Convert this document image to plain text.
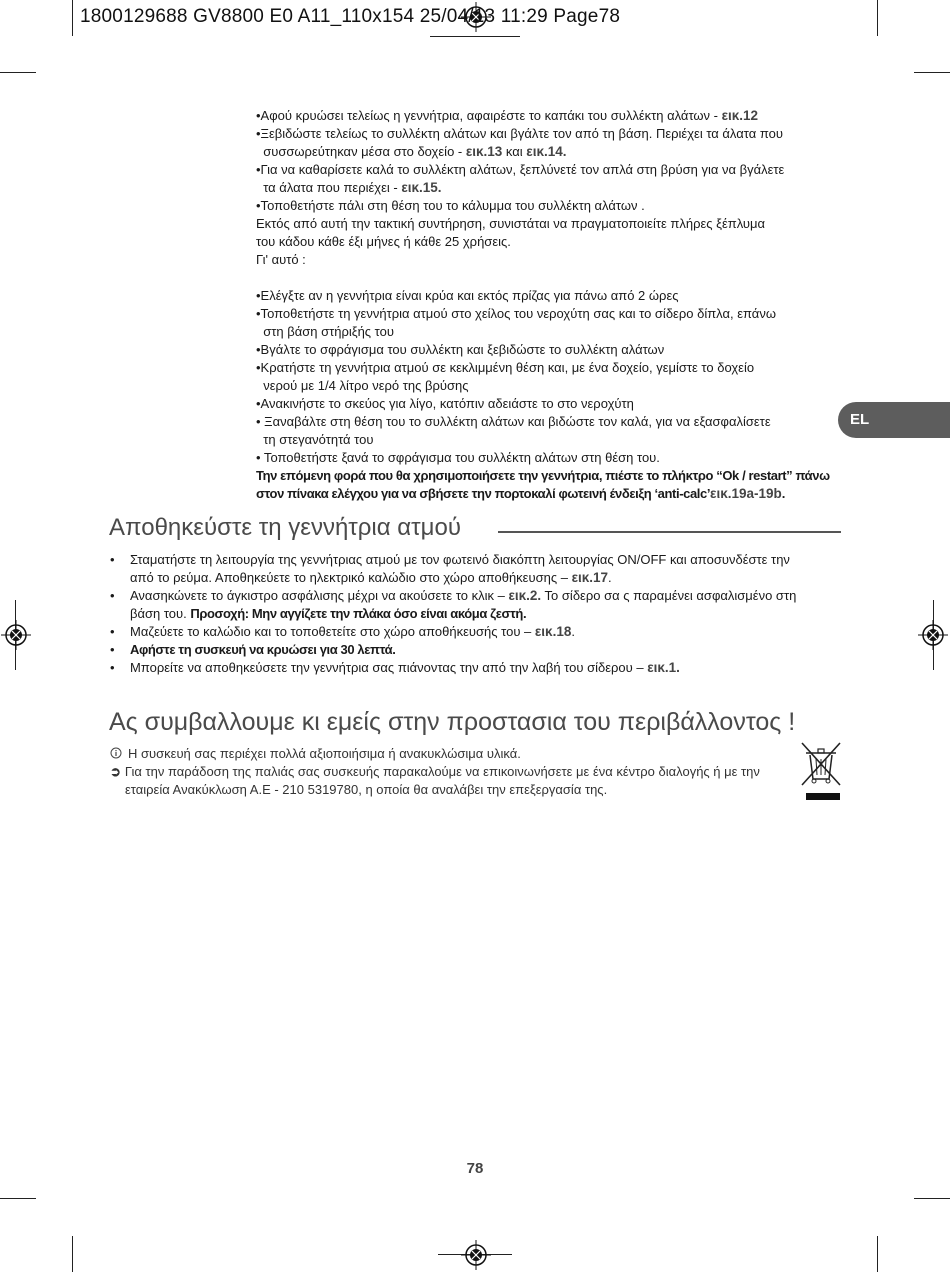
1800129688 GV8800 E0 A11_110x154 25/04/13 11:29 Page78

•Αφού κρυώσει τελείως η γεννήτρια, αφαιρέστε το καπάκι του συλλέκτη αλάτων - εικ.12

•Ξεβιδώστε τελείως το συλλέκτη αλάτων και βγάλτε τον από τη βάση. Περιέχει τα άλατα που

συσσωρεύτηκαν μέσα στο δοχείο - εικ.13 και εικ.14.

•Για να καθαρίσετε καλά το συλλέκτη αλάτων, ξεπλύνετέ τον απλά στη βρύση για να βγάλετε

τα άλατα που περιέχει - εικ.15.

•Τοποθετήστε πάλι στη θέση του το κάλυμμα του συλλέκτη αλάτων .

Εκτός από αυτή την τακτική συντήρηση, συνιστάται να πραγματοποιείτε πλήρες ξέπλυμα

του κάδου κάθε έξι μήνες ή κάθε 25 χρήσεις.

Γι' αυτό :

•Ελέγξτε αν η γεννήτρια είναι κρύα και εκτός πρίζας για πάνω από 2 ώρες

•Τοποθετήστε τη γεννήτρια ατμού στο χείλος του νεροχύτη σας και το σίδερο δίπλα, επάνω

στη βάση στήριξής του

•Βγάλτε το σφράγισμα του συλλέκτη και ξεβιδώστε το συλλέκτη αλάτων

•Κρατήστε τη γεννήτρια ατμού σε κεκλιμμένη θέση και, με ένα δοχείο, γεμίστε το δοχείο

νερού με 1/4 λίτρο νερό της βρύσης

•Ανακινήστε το σκεύος για λίγο, κατόπιν αδειάστε το στο νεροχύτη

• Ξαναβάλτε στη θέση του το συλλέκτη αλάτων και βιδώστε τον καλά, για να εξασφαλίσετε

τη στεγανότητά του

• Τοποθετήστε ξανά το σφράγισμα του συλλέκτη αλάτων στη θέση του.

Την επόμενη φορά που θα χρησιμοποιήσετε την γεννήτρια, πιέστε το πλήκτρο “Ok / restart” πάνω

στον πίνακα ελέγχου για να σβήσετε την πορτοκαλί φωτεινή ένδειξη ‘anti-calc’εικ.19a-19b.

EL
Αποθηκεύστε τη γεννήτρια ατμού
• Σταματήστε τη λειτουργία της γεννήτριας ατμού με τον φωτεινό διακόπτη λειτουργίας ON/OFF και αποσυνδέστε την
από το ρεύμα. Αποθηκεύετε το ηλεκτρικό καλώδιο στο χώρο αποθήκευσης – εικ.17.
• Ανασηκώνετε το άγκιστρο ασφάλισης μέχρι να ακούσετε το κλικ – εικ.2. Το σίδερο σα ς παραμένει ασφαλισμένο στη
βάση του. Προσοχή: Μην αγγίζετε την πλάκα όσο είναι ακόμα ζεστή.
• Μαζεύετε το καλώδιο και το τοποθετείτε στο χώρο αποθήκευσής του – εικ.18.
• Αφήστε τη συσκευή να κρυώσει για 30 λεπτά.
• Μπορείτε να αποθηκεύσετε την γεννήτρια σας πιάνοντας την από την λαβή του σίδερου – εικ.1.
Ας συμβαλλουμε κι εμείς στην προστασια του περιβάλλοντος !
Η συσκευή σας περιέχει πολλά αξιοποιήσιμα ή ανακυκλώσιμα υλικά.
➲ Για την παράδοση της παλιάς σας συσκευής παρακαλούμε να επικοινωνήσετε με ένα κέντρο διαλογής ή με την
εταιρεία Ανακύκλωση Α.Ε - 210 5319780, η οποία θα αναλάβει την επεξεργασία της.
78
